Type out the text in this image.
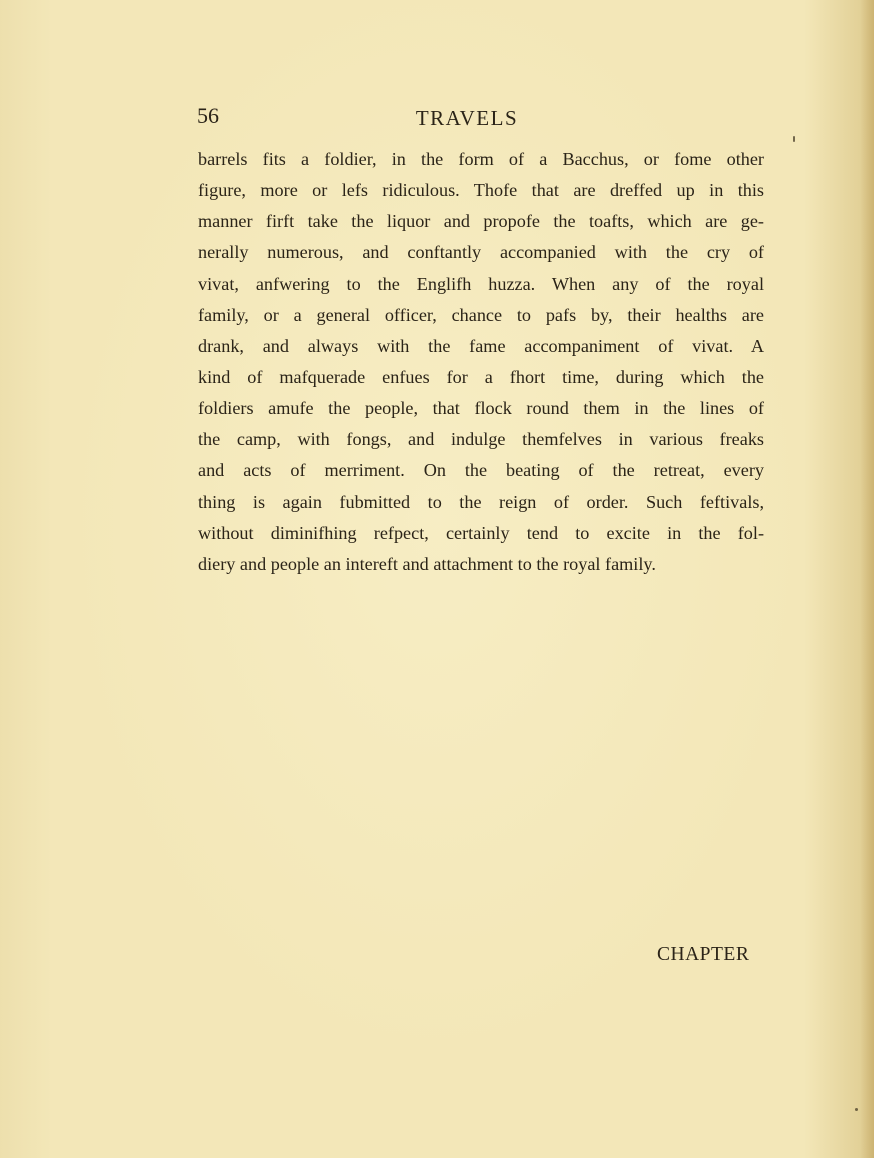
56	TRAVELS
barrels fits a foldier, in the form of a Bacchus, or fome other
figure, more or lefs ridiculous. Thofe that are dreffed up in this
manner firft take the liquor and propofe the toafts, which are ge-
nerally numerous, and conftantly accompanied with the cry of
vivat, anfwering to the Englifh huzza. When any of the royal
family, or a general officer, chance to pafs by, their healths are
drank, and always with the fame accompaniment of vivat. A
kind of mafquerade enfues for a fhort time, during which the
foldiers amufe the people, that flock round them in the lines of
the camp, with fongs, and indulge themfelves in various freaks
and acts of merriment. On the beating of the retreat, every
thing is again fubmitted to the reign of order. Such feftivals,
without diminifhing refpect, certainly tend to excite in the fol-
diery and people an intereft and attachment to the royal family.
CHAPTER
